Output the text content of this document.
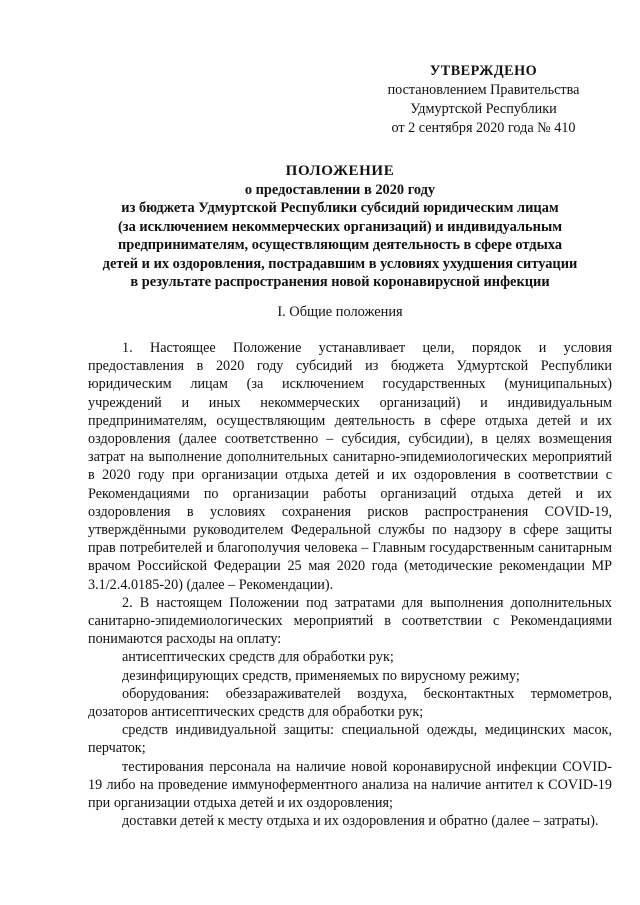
УТВЕРЖДЕНО
постановлением Правительства
Удмуртской Республики
от 2 сентября 2020 года № 410
ПОЛОЖЕНИЕ
о предоставлении в 2020 году
из бюджета Удмуртской Республики субсидий юридическим лицам
(за исключением некоммерческих организаций) и индивидуальным
предпринимателям, осуществляющим деятельность в сфере отдыха
детей и их оздоровления, пострадавшим в условиях ухудшения ситуации
в результате распространения новой коронавирусной инфекции
I. Общие положения

1. Настоящее Положение устанавливает цели, порядок и условия предоставления в 2020 году субсидий из бюджета Удмуртской Республики юридическим лицам (за исключением государственных (муниципальных) учреждений и иных некоммерческих организаций) и индивидуальным предпринимателям, осуществляющим деятельность в сфере отдыха детей и их оздоровления (далее соответственно – субсидия, субсидии), в целях возмещения затрат на выполнение дополнительных санитарно-эпидемиологических мероприятий в 2020 году при организации отдыха детей и их оздоровления в соответствии с Рекомендациями по организации работы организаций отдыха детей и их оздоровления в условиях сохранения рисков распространения COVID-19, утверждёнными руководителем Федеральной службы по надзору в сфере защиты прав потребителей и благополучия человека – Главным государственным санитарным врачом Российской Федерации 25 мая 2020 года (методические рекомендации МР 3.1/2.4.0185-20) (далее – Рекомендации).

2. В настоящем Положении под затратами для выполнения дополнительных санитарно-эпидемиологических мероприятий в соответствии с Рекомендациями понимаются расходы на оплату:

антисептических средств для обработки рук;

дезинфицирующих средств, применяемых по вирусному режиму;

оборудования: обеззараживателей воздуха, бесконтактных термометров, дозаторов антисептических средств для обработки рук;

средств индивидуальной защиты: специальной одежды, медицинских масок, перчаток;

тестирования персонала на наличие новой коронавирусной инфекции COVID-19 либо на проведение иммуноферментного анализа на наличие антител к COVID-19 при организации отдыха детей и их оздоровления;

доставки детей к месту отдыха и их оздоровления и обратно (далее – затраты).
